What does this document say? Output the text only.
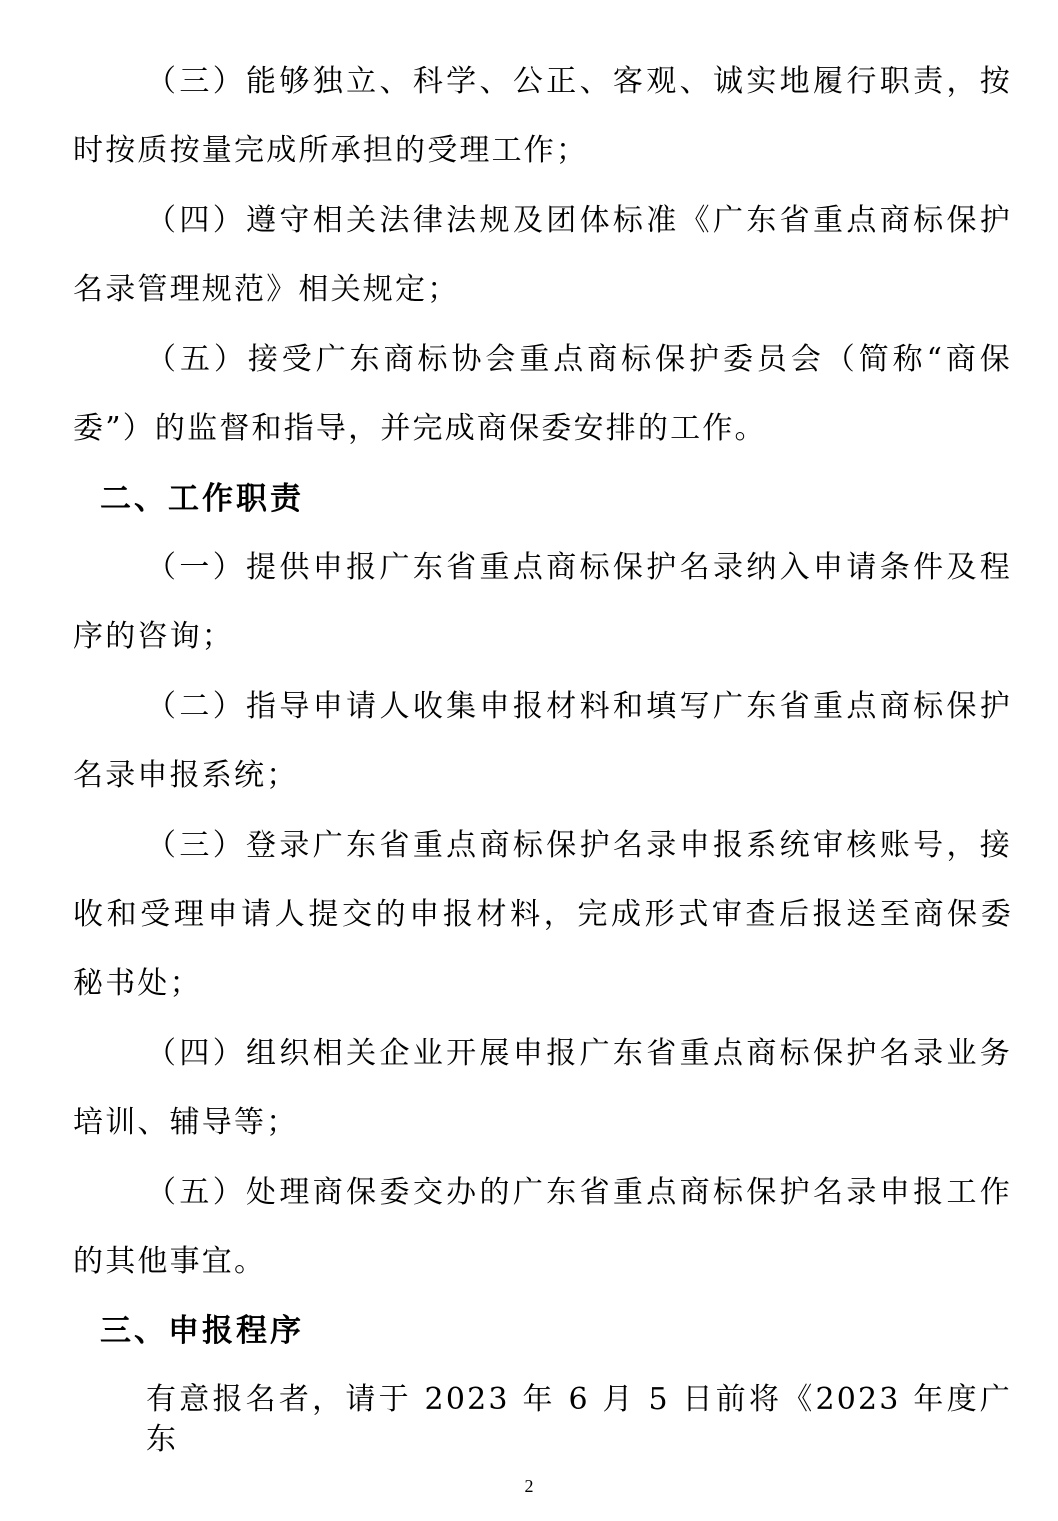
（三）能够独立、科学、公正、客观、诚实地履行职责，按
时按质按量完成所承担的受理工作；
（四）遵守相关法律法规及团体标准《广东省重点商标保护
名录管理规范》相关规定；
（五）接受广东商标协会重点商标保护委员会（简称“商保
委”）的监督和指导，并完成商保委安排的工作。
二、工作职责
（一）提供申报广东省重点商标保护名录纳入申请条件及程
序的咨询；
（二）指导申请人收集申报材料和填写广东省重点商标保护
名录申报系统；
（三）登录广东省重点商标保护名录申报系统审核账号，接
收和受理申请人提交的申报材料，完成形式审查后报送至商保委
秘书处；
（四）组织相关企业开展申报广东省重点商标保护名录业务
培训、辅导等；
（五）处理商保委交办的广东省重点商标保护名录申报工作
的其他事宜。
三、申报程序
有意报名者，请于 2023 年 6 月 5 日前将《2023 年度广东
2
